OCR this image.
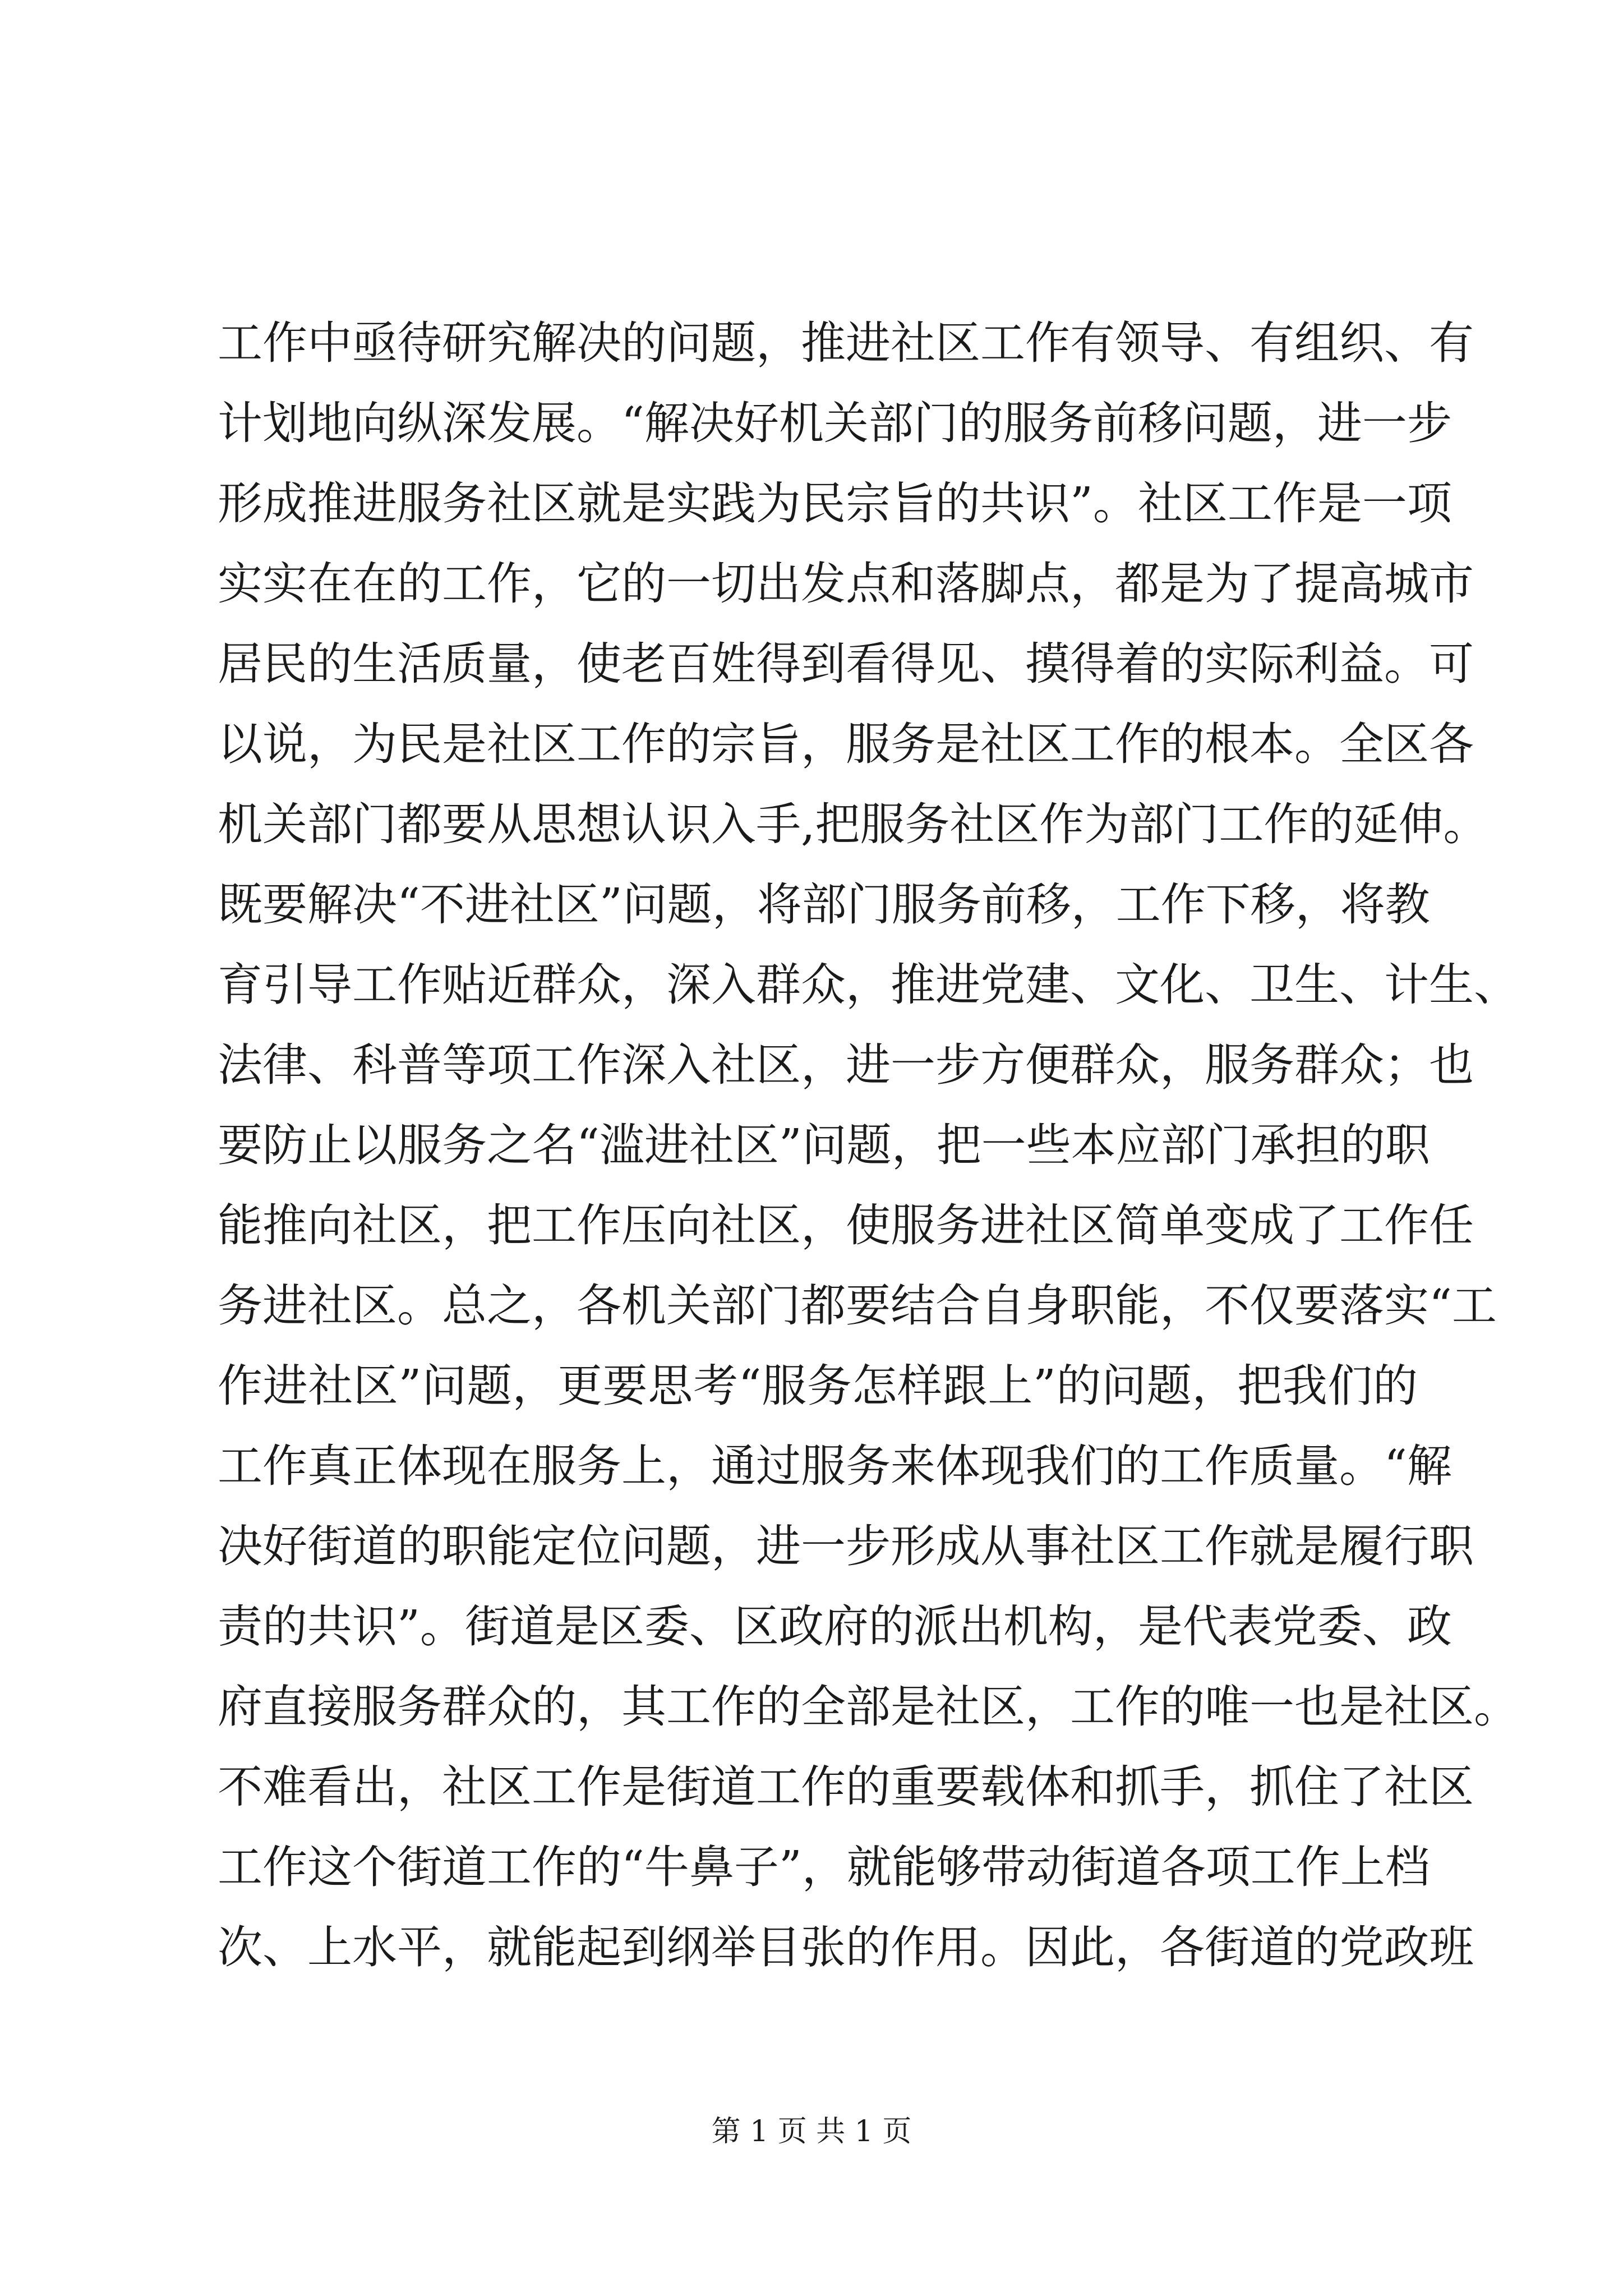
工作中亟待研究解决的问题，推进社区工作有领导、有组织、有
计划地向纵深发展。“解决好机关部门的服务前移问题，进一步
形成推进服务社区就是实践为民宗旨的共识”。社区工作是一项
实实在在的工作，它的一切出发点和落脚点，都是为了提高城市
居民的生活质量，使老百姓得到看得见、摸得着的实际利益。可
以说，为民是社区工作的宗旨，服务是社区工作的根本。全区各
机关部门都要从思想认识入手,把服务社区作为部门工作的延伸。
既要解决“不进社区”问题，将部门服务前移，工作下移，将教
育引导工作贴近群众，深入群众，推进党建、文化、卫生、计生、
法律、科普等项工作深入社区，进一步方便群众，服务群众；也
要防止以服务之名“滥进社区”问题，把一些本应部门承担的职
能推向社区，把工作压向社区，使服务进社区简单变成了工作任
务进社区。总之，各机关部门都要结合自身职能，不仅要落实“工
作进社区”问题，更要思考“服务怎样跟上”的问题，把我们的
工作真正体现在服务上，通过服务来体现我们的工作质量。“解
决好街道的职能定位问题，进一步形成从事社区工作就是履行职
责的共识”。街道是区委、区政府的派出机构，是代表党委、政
府直接服务群众的，其工作的全部是社区，工作的唯一也是社区。
不难看出，社区工作是街道工作的重要载体和抓手，抓住了社区
工作这个街道工作的“牛鼻子”，就能够带动街道各项工作上档
次、上水平，就能起到纲举目张的作用。因此，各街道的党政班
第 1 页 共 1 页
